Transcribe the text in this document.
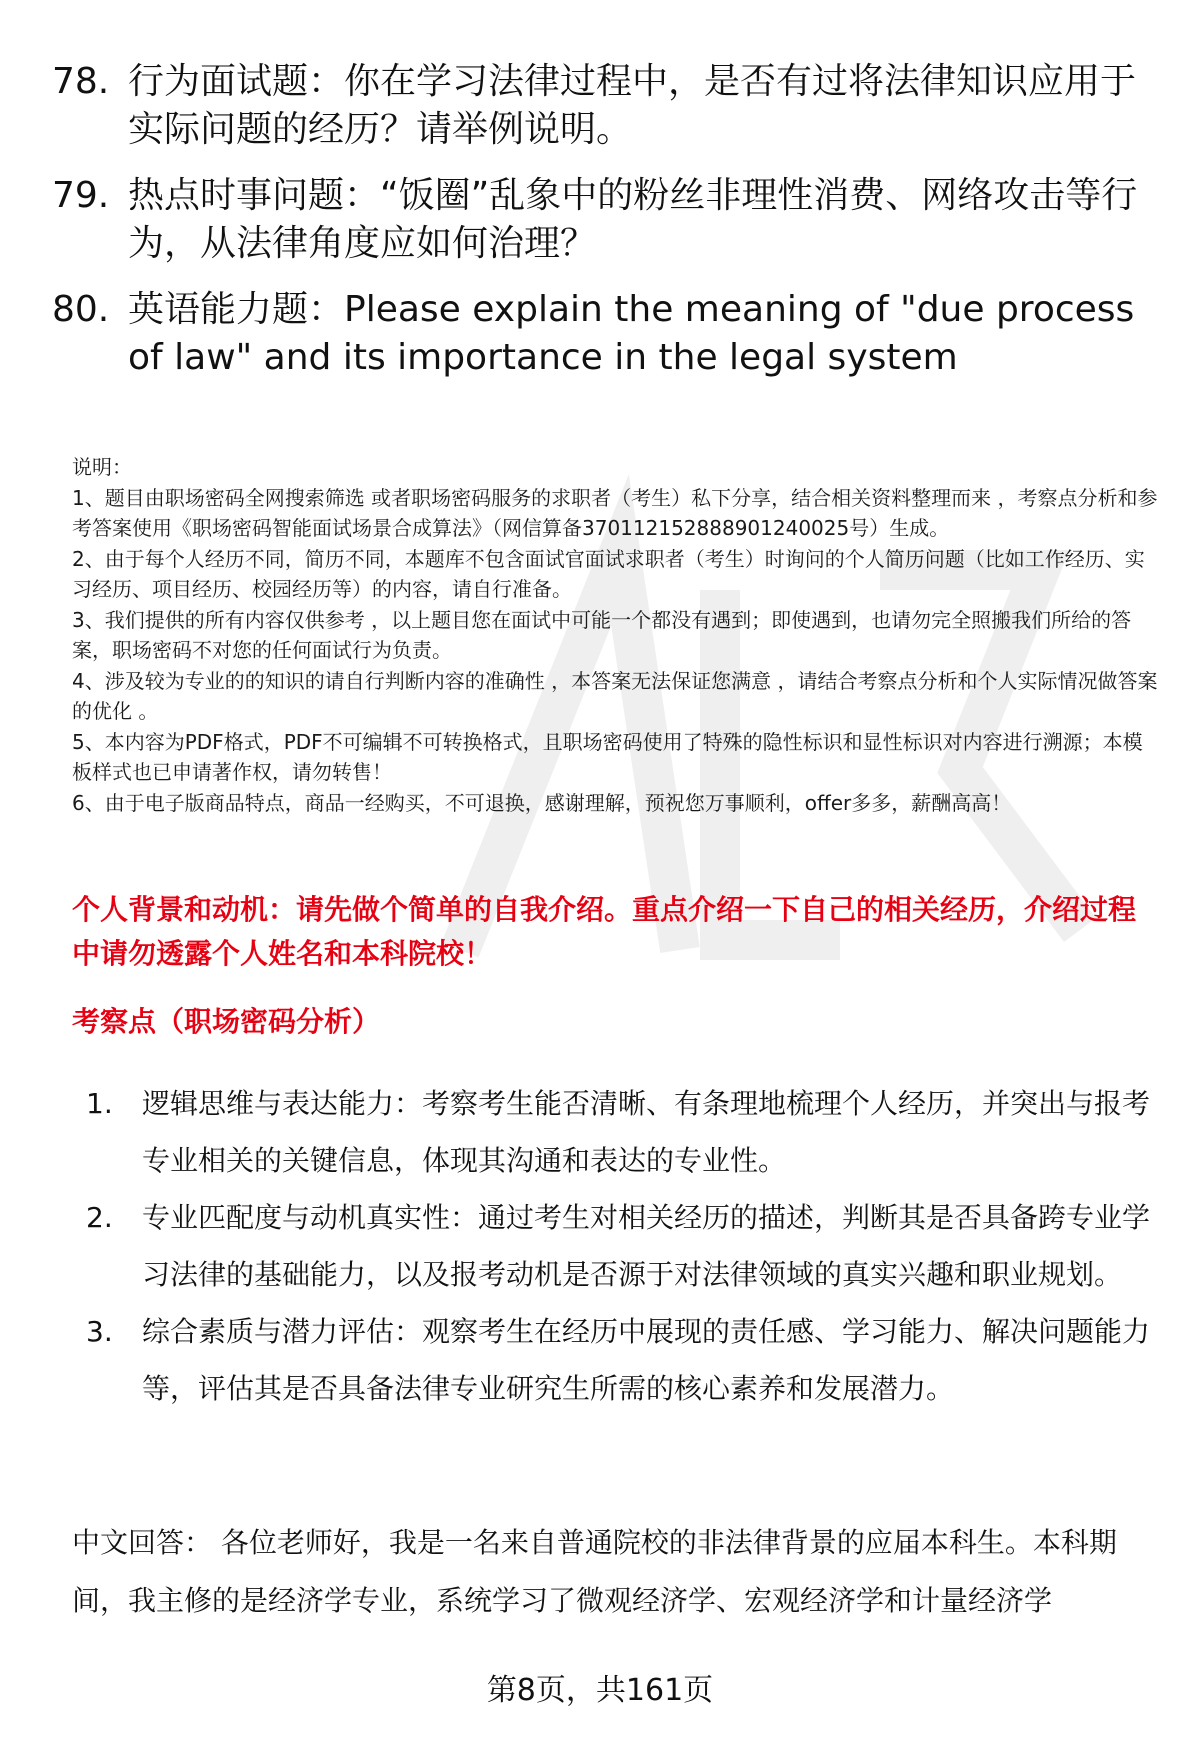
78. 行为面试题：你在学习法律过程中，是否有过将法律知识应用于实际问题的经历？请举例说明。
79. 热点时事问题：“饭圈”乱象中的粉丝非理性消费、网络攻击等行为，从法律角度应如何治理？
80. 英语能力题：Please explain the meaning of "due process of law" and its importance in the legal system

说明：

1、题目由职场密码全网搜索筛选 或者职场密码服务的求职者（考生）私下分享，结合相关资料整理而来 ，考察点分析和参考答案使用《职场密码智能面试场景合成算法》（网信算备370112152888901240025号）生成。

2、由于每个人经历不同，简历不同，本题库不包含面试官面试求职者（考生）时询问的个人简历问题（比如工作经历、实习经历、项目经历、校园经历等）的内容，请自行准备。

3、我们提供的所有内容仅供参考 ，以上题目您在面试中可能一个都没有遇到；即使遇到，也请勿完全照搬我们所给的答案，职场密码不对您的任何面试行为负责。

4、涉及较为专业的的知识的请自行判断内容的准确性 ，本答案无法保证您满意 ，请结合考察点分析和个人实际情况做答案的优化 。

5、本内容为PDF格式，PDF不可编辑不可转换格式，且职场密码使用了特殊的隐性标识和显性标识对内容进行溯源；本模板样式也已申请著作权，请勿转售！

6、由于电子版商品特点，商品一经购买，不可退换，感谢理解，预祝您万事顺利，offer多多，薪酬高高！

个人背景和动机：请先做个简单的自我介绍。重点介绍一下自己的相关经历，介绍过程中请勿透露个人姓名和本科院校！
考察点（职场密码分析）
1.	逻辑思维与表达能力：考察考生能否清晰、有条理地梳理个人经历，并突出与报考专业相关的关键信息，体现其沟通和表达的专业性。
2.	专业匹配度与动机真实性：通过考生对相关经历的描述，判断其是否具备跨专业学习法律的基础能力，以及报考动机是否源于对法律领域的真实兴趣和职业规划。
3.	综合素质与潜力评估：观察考生在经历中展现的责任感、学习能力、解决问题能力等，评估其是否具备法律专业研究生所需的核心素养和发展潜力。
中文回答： 各位老师好，我是一名来自普通院校的非法律背景的应届本科生。本科期间，我主修的是经济学专业，系统学习了微观经济学、宏观经济学和计量经济学
第8页，共161页
